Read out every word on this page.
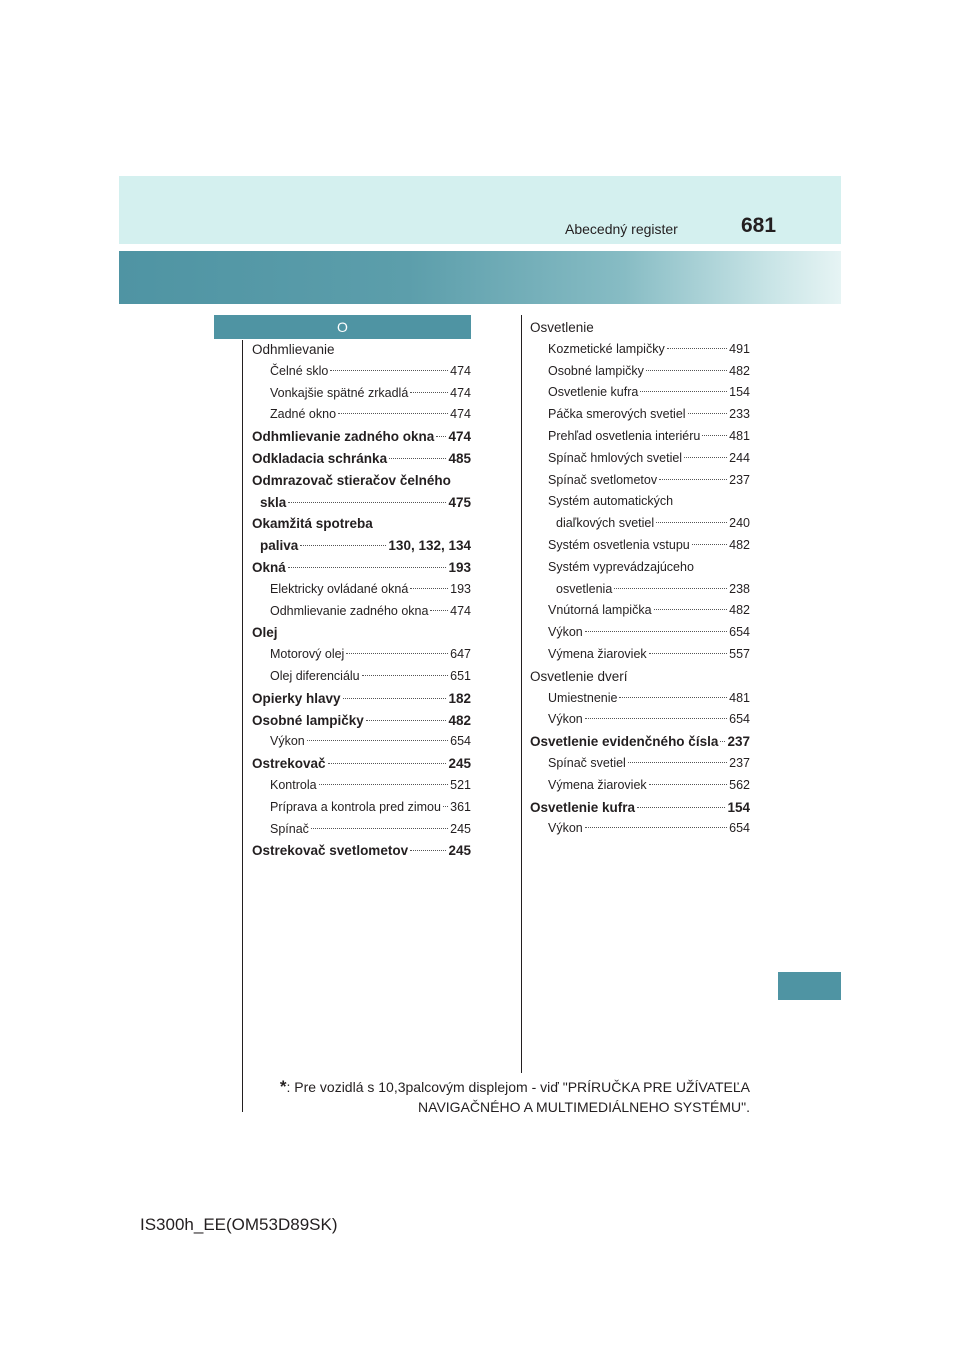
Abecedný register	681
O
Odhmlievanie
Čelné sklo	474
Vonkajšie spätné zrkadlá	474
Zadné okno	474
Odhmlievanie zadného okna 474
Odkladacia schránka	485
Odmrazovač stieračov čelného
skla	475
Okamžitá spotreba
paliva	130, 132, 134
Okná	193
Elektricky ovládané okná	193
Odhmlievanie zadného okna 474
Olej
Motorový olej	647
Olej diferenciálu	651
Opierky hlavy	182
Osobné lampičky	482
Výkon	654
Ostrekovač	245
Kontrola	521
Príprava a kontrola pred zimou 361
Spínač	245
Ostrekovač svetlometov	245
Osvetlenie
Kozmetické lampičky	491
Osobné lampičky	482
Osvetlenie kufra	154
Páčka smerových svetiel	233
Prehľad osvetlenia interiéru 481
Spínač hmlových svetiel	244
Spínač svetlometov	237
Systém automatických
diaľkových svetiel	240
Systém osvetlenia vstupu	482
Systém vyprevádzajúceho
osvetlenia	238
Vnútorná lampička	482
Výkon	654
Výmena žiaroviek	557
Osvetlenie dverí
Umiestnenie	481
Výkon	654
Osvetlenie evidenčného čísla 237
Spínač svetiel	237
Výmena žiaroviek	562
Osvetlenie kufra	154
Výkon	654
*: Pre vozidlá s 10,3palcovým displejom - viď "PRÍRUČKA PRE UŽÍVATEĽA
NAVIGAČNÉHO A MULTIMEDIÁLNEHO SYSTÉMU".
IS300h_EE(OM53D89SK)
